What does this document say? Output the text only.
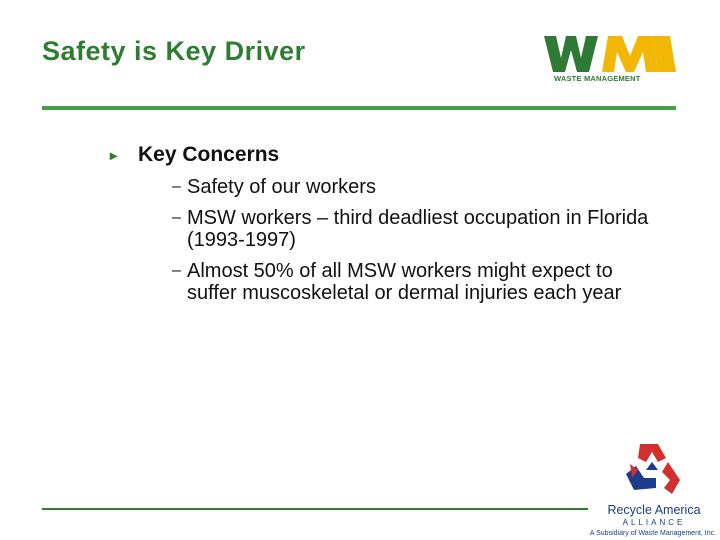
Safety is Key Driver
WASTE MANAGEMENT
▸ Key Concerns
– Safety of our workers
– MSW workers – third deadliest occupation in Florida (1993-1997)
– Almost 50% of all MSW workers might expect to suffer muscoskeletal or dermal injuries each year
Recycle America
ALLIANCE
A Subsidiary of Waste Management, Inc.
